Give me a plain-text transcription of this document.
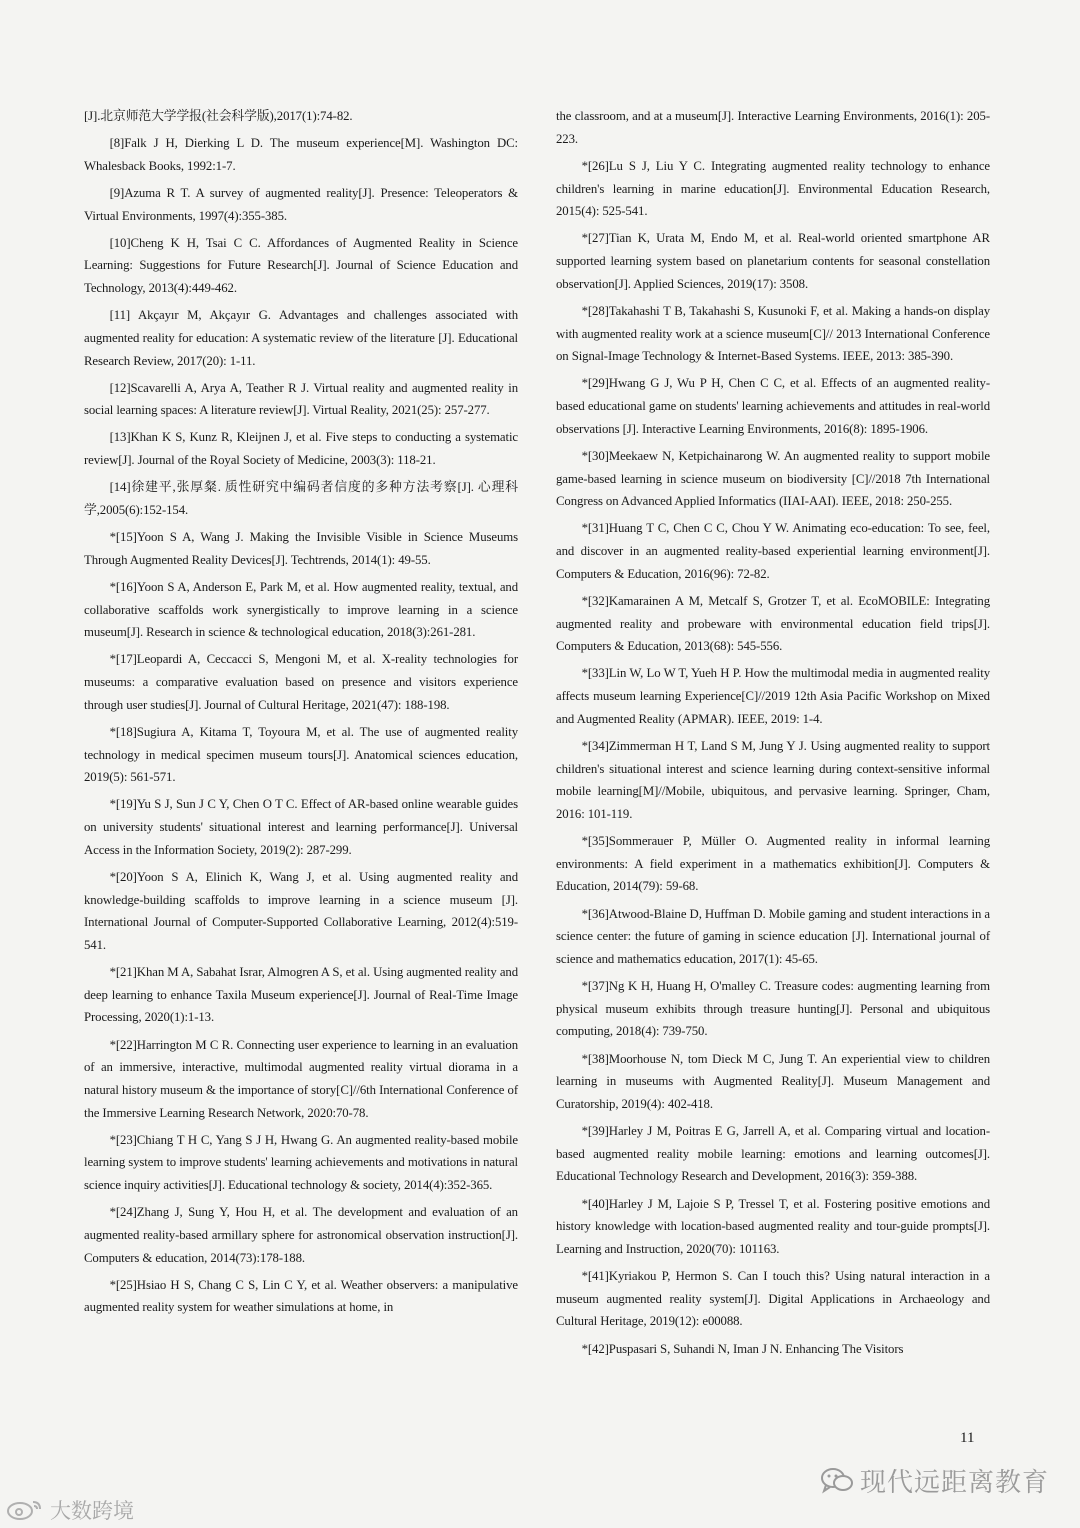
[J].北京师范大学学报(社会科学版),2017(1):74-82.

[8]Falk J H, Dierking L D. The museum experience[M]. Washington DC: Whalesback Books, 1992:1-7.

[9]Azuma R T. A survey of augmented reality[J]. Presence: Teleoperators & Virtual Environments, 1997(4):355-385.

[10]Cheng K H, Tsai C C. Affordances of Augmented Reality in Science Learning: Suggestions for Future Research[J]. Journal of Science Education and Technology, 2013(4):449-462.

[11] Akçayır M, Akçayır G. Advantages and challenges associated with augmented reality for education: A systematic review of the literature [J]. Educational Research Review, 2017(20): 1-11.

[12]Scavarelli A, Arya A, Teather R J. Virtual reality and augmented reality in social learning spaces: A literature review[J]. Virtual Reality, 2021(25): 257-277.

[13]Khan K S, Kunz R, Kleijnen J, et al. Five steps to conducting a systematic review[J]. Journal of the Royal Society of Medicine, 2003(3): 118-21.

[14]徐建平,张厚粲. 质性研究中编码者信度的多种方法考察[J]. 心理科学,2005(6):152-154.

*[15]Yoon S A, Wang J. Making the Invisible Visible in Science Museums Through Augmented Reality Devices[J]. Techtrends, 2014(1): 49-55.

*[16]Yoon S A, Anderson E, Park M, et al. How augmented reality, textual, and collaborative scaffolds work synergistically to improve learning in a science museum[J]. Research in science & technological education, 2018(3):261-281.

*[17]Leopardi A, Ceccacci S, Mengoni M, et al. X-reality technologies for museums: a comparative evaluation based on presence and visitors experience through user studies[J]. Journal of Cultural Heritage, 2021(47): 188-198.

*[18]Sugiura A, Kitama T, Toyoura M, et al. The use of augmented reality technology in medical specimen museum tours[J]. Anatomical sciences education, 2019(5): 561-571.

*[19]Yu S J, Sun J C Y, Chen O T C. Effect of AR-based online wearable guides on university students' situational interest and learning performance[J]. Universal Access in the Information Society, 2019(2): 287-299.

*[20]Yoon S A, Elinich K, Wang J, et al. Using augmented reality and knowledge-building scaffolds to improve learning in a science museum [J]. International Journal of Computer-Supported Collaborative Learning, 2012(4):519-541.

*[21]Khan M A, Sabahat Israr, Almogren A S, et al. Using augmented reality and deep learning to enhance Taxila Museum experience[J]. Journal of Real-Time Image Processing, 2020(1):1-13.

*[22]Harrington M C R. Connecting user experience to learning in an evaluation of an immersive, interactive, multimodal augmented reality virtual diorama in a natural history museum & the importance of story[C]//6th International Conference of the Immersive Learning Research Network, 2020:70-78.

*[23]Chiang T H C, Yang S J H, Hwang G. An augmented reality-based mobile learning system to improve students' learning achievements and motivations in natural science inquiry activities[J]. Educational technology & society, 2014(4):352-365.

*[24]Zhang J, Sung Y, Hou H, et al. The development and evaluation of an augmented reality-based armillary sphere for astronomical observation instruction[J]. Computers & education, 2014(73):178-188.

*[25]Hsiao H S, Chang C S, Lin C Y, et al. Weather observers: a manipulative augmented reality system for weather simulations at home, in

the classroom, and at a museum[J]. Interactive Learning Environments, 2016(1): 205-223.

*[26]Lu S J, Liu Y C. Integrating augmented reality technology to enhance children's learning in marine education[J]. Environmental Education Research, 2015(4): 525-541.

*[27]Tian K, Urata M, Endo M, et al. Real-world oriented smartphone AR supported learning system based on planetarium contents for seasonal constellation observation[J]. Applied Sciences, 2019(17): 3508.

*[28]Takahashi T B, Takahashi S, Kusunoki F, et al. Making a hands-on display with augmented reality work at a science museum[C]// 2013 International Conference on Signal-Image Technology & Internet-Based Systems. IEEE, 2013: 385-390.

*[29]Hwang G J, Wu P H, Chen C C, et al. Effects of an augmented reality-based educational game on students' learning achievements and attitudes in real-world observations [J]. Interactive Learning Environments, 2016(8): 1895-1906.

*[30]Meekaew N, Ketpichainarong W. An augmented reality to support mobile game-based learning in science museum on biodiversity [C]//2018 7th International Congress on Advanced Applied Informatics (IIAI-AAI). IEEE, 2018: 250-255.

*[31]Huang T C, Chen C C, Chou Y W. Animating eco-education: To see, feel, and discover in an augmented reality-based experiential learning environment[J]. Computers & Education, 2016(96): 72-82.

*[32]Kamarainen A M, Metcalf S, Grotzer T, et al. EcoMOBILE: Integrating augmented reality and probeware with environmental education field trips[J]. Computers & Education, 2013(68): 545-556.

*[33]Lin W, Lo W T, Yueh H P. How the multimodal media in augmented reality affects museum learning Experience[C]//2019 12th Asia Pacific Workshop on Mixed and Augmented Reality (APMAR). IEEE, 2019: 1-4.

*[34]Zimmerman H T, Land S M, Jung Y J. Using augmented reality to support children's situational interest and science learning during context-sensitive informal mobile learning[M]//Mobile, ubiquitous, and pervasive learning. Springer, Cham, 2016: 101-119.

*[35]Sommerauer P, Müller O. Augmented reality in informal learning environments: A field experiment in a mathematics exhibition[J]. Computers & Education, 2014(79): 59-68.

*[36]Atwood-Blaine D, Huffman D. Mobile gaming and student interactions in a science center: the future of gaming in science education [J]. International journal of science and mathematics education, 2017(1): 45-65.

*[37]Ng K H, Huang H, O'malley C. Treasure codes: augmenting learning from physical museum exhibits through treasure hunting[J]. Personal and ubiquitous computing, 2018(4): 739-750.

*[38]Moorhouse N, tom Dieck M C, Jung T. An experiential view to children learning in museums with Augmented Reality[J]. Museum Management and Curatorship, 2019(4): 402-418.

*[39]Harley J M, Poitras E G, Jarrell A, et al. Comparing virtual and location-based augmented reality mobile learning: emotions and learning outcomes[J]. Educational Technology Research and Development, 2016(3): 359-388.

*[40]Harley J M, Lajoie S P, Tressel T, et al. Fostering positive emotions and history knowledge with location-based augmented reality and tour-guide prompts[J]. Learning and Instruction, 2020(70): 101163.

*[41]Kyriakou P, Hermon S. Can I touch this? Using natural interaction in a museum augmented reality system[J]. Digital Applications in Archaeology and Cultural Heritage, 2019(12): e00088.

*[42]Puspasari S, Suhandi N, Iman J N. Enhancing The Visitors

11
现代远距离教育
大数跨境
